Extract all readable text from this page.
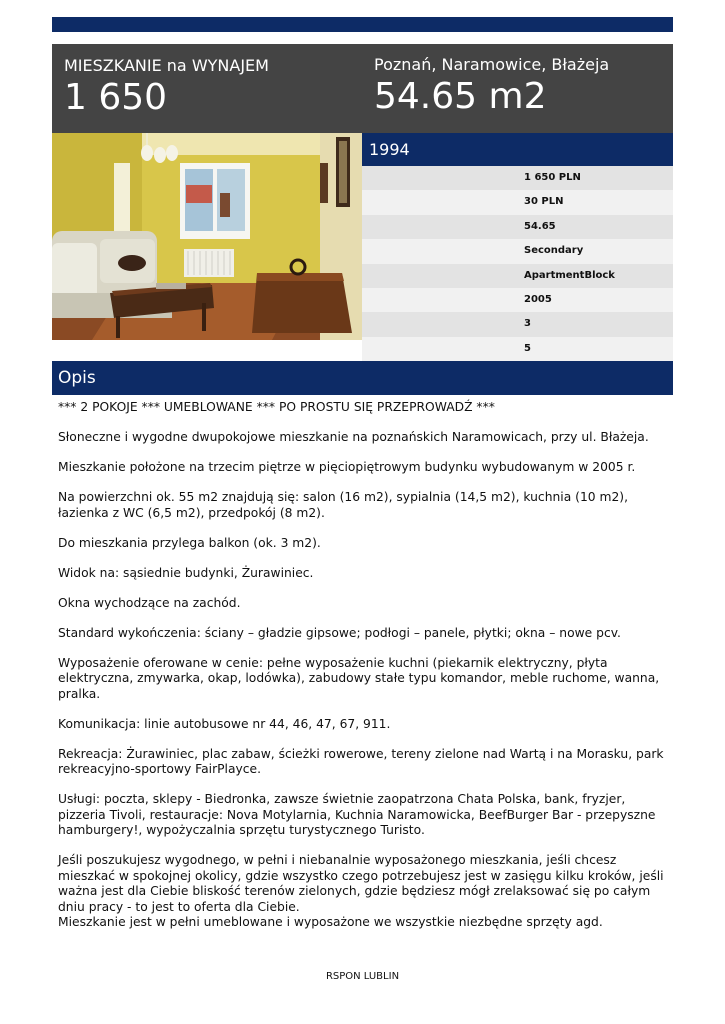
MIESZKANIE na WYNAJEM
1 650
Poznań, Naramowice, Błażeja
54.65 m2
1994
1 650 PLN
30 PLN
54.65
Secondary
ApartmentBlock
2005
3
5
Opis

*** 2 POKOJE *** UMEBLOWANE *** PO PROSTU SIĘ PRZEPROWADŹ ***

Słoneczne i wygodne dwupokojowe mieszkanie na poznańskich Naramowicach, przy ul. Błażeja.

Mieszkanie położone na trzecim piętrze w pięciopiętrowym budynku wybudowanym w 2005 r.

Na powierzchni ok. 55 m2 znajdują się: salon (16 m2), sypialnia (14,5 m2), kuchnia (10 m2), łazienka z WC (6,5 m2), przedpokój (8 m2).

Do mieszkania przylega balkon (ok. 3 m2).

Widok na: sąsiednie budynki, Żurawiniec.

Okna wychodzące na zachód.

Standard wykończenia: ściany – gładzie gipsowe; podłogi – panele, płytki; okna – nowe pcv.

Wyposażenie oferowane w cenie: pełne wyposażenie kuchni (piekarnik elektryczny, płyta elektryczna, zmywarka, okap, lodówka), zabudowy stałe typu komandor, meble ruchome, wanna, pralka.

Komunikacja: linie autobusowe nr 44, 46, 47, 67, 911.

Rekreacja: Żurawiniec, plac zabaw, ścieżki rowerowe, tereny zielone nad Wartą i na Morasku, park rekreacyjno-sportowy FairPlayce.

Usługi: poczta, sklepy - Biedronka, zawsze świetnie zaopatrzona Chata Polska, bank, fryzjer, pizzeria Tivoli, restauracje: Nova Motylarnia, Kuchnia Naramowicka, BeefBurger Bar - przepyszne hamburgery!, wypożyczalnia sprzętu turystycznego Turisto.

Jeśli poszukujesz wygodnego, w pełni i niebanalnie wyposażonego mieszkania, jeśli chcesz mieszkać w spokojnej okolicy, gdzie wszystko czego potrzebujesz jest w zasięgu kilku kroków, jeśli ważna jest dla Ciebie bliskość terenów zielonych, gdzie będziesz mógł zrelaksować się po całym dniu pracy - to jest to oferta dla Ciebie.

Mieszkanie jest w pełni umeblowane i wyposażone we wszystkie niezbędne sprzęty agd.

RSPON LUBLIN
